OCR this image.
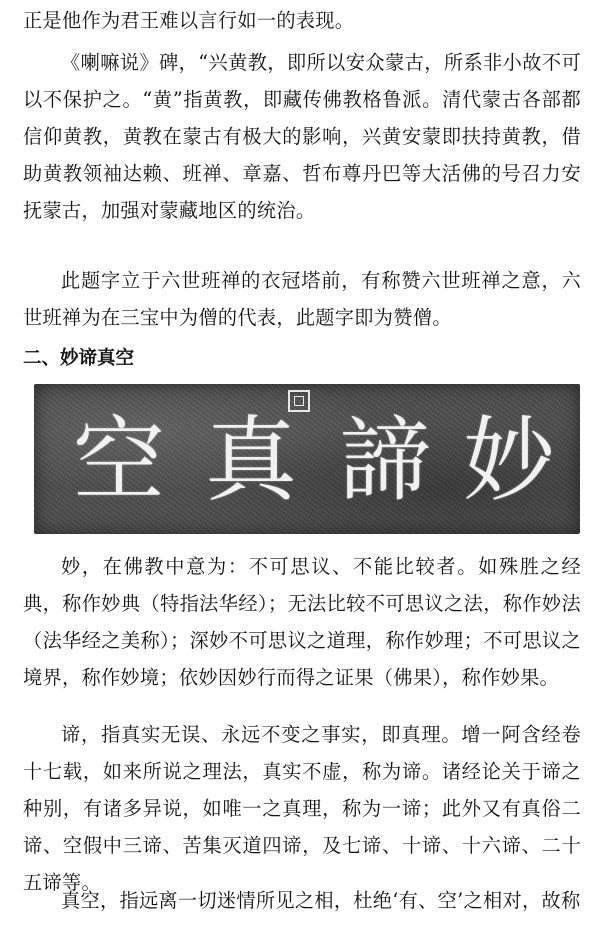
正是他作为君王难以言行如一的表现。

《喇嘛说》碑，“兴黄教，即所以安众蒙古，所系非小故不可以不保护之。“黄”指黄教，即藏传佛教格鲁派。清代蒙古各部都信仰黄教，黄教在蒙古有极大的影响，兴黄安蒙即扶持黄教，借助黄教领袖达赖、班禅、章嘉、哲布尊丹巴等大活佛的号召力安抚蒙古，加强对蒙藏地区的统治。

此题字立于六世班禅的衣冠塔前，有称赞六世班禅之意，六世班禅为在三宝中为僧的代表，此题字即为赞僧。

二、妙谛真空
空 真 諦 妙

妙，在佛教中意为：不可思议、不能比较者。如殊胜之经典，称作妙典（特指法华经）；无法比较不可思议之法，称作妙法（法华经之美称）；深妙不可思议之道理，称作妙理；不可思议之境界，称作妙境；依妙因妙行而得之证果（佛果），称作妙果。

谛，指真实无误、永远不变之事实，即真理。增一阿含经卷十七载，如来所说之理法，真实不虚，称为谛。诸经论关于谛之种别，有诸多异说，如唯一之真理，称为一谛；此外又有真俗二谛、空假中三谛、苦集灭道四谛，及七谛、十谛、十六谛、二十五谛等。

真空，指远离一切迷情所见之相，杜绝‘有、空’之相对，故称
